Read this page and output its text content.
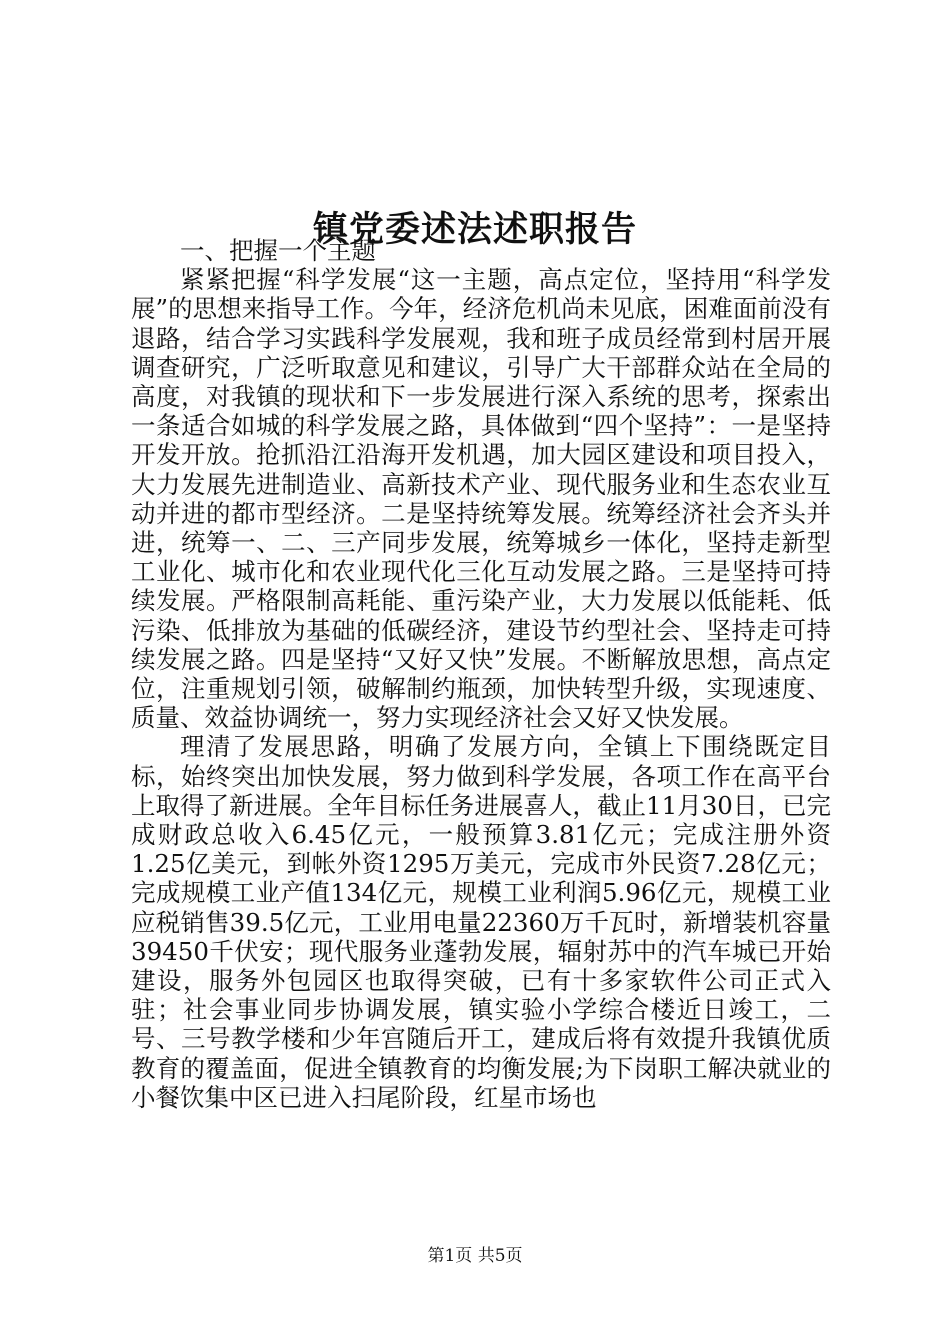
镇党委述法述职报告

一、把握一个主题

紧紧把握“科学发展“这一主题，高点定位，坚持用“科学发展”的思想来指导工作。今年，经济危机尚未见底，困难面前没有退路，结合学习实践科学发展观，我和班子成员经常到村居开展调查研究，广泛听取意见和建议，引导广大干部群众站在全局的高度，对我镇的现状和下一步发展进行深入系统的思考，探索出一条适合如城的科学发展之路，具体做到“四个坚持”：一是坚持开发开放。抢抓沿江沿海开发机遇，加大园区建设和项目投入，大力发展先进制造业、高新技术产业、现代服务业和生态农业互动并进的都市型经济。二是坚持统筹发展。统筹经济社会齐头并进，统筹一、二、三产同步发展，统筹城乡一体化，坚持走新型工业化、城市化和农业现代化三化互动发展之路。三是坚持可持续发展。严格限制高耗能、重污染产业，大力发展以低能耗、低污染、低排放为基础的低碳经济，建设节约型社会、坚持走可持续发展之路。四是坚持“又好又快”发展。不断解放思想，高点定位，注重规划引领，破解制约瓶颈，加快转型升级，实现速度、质量、效益协调统一，努力实现经济社会又好又快发展。

理清了发展思路，明确了发展方向，全镇上下围绕既定目标，始终突出加快发展，努力做到科学发展，各项工作在高平台上取得了新进展。全年目标任务进展喜人，截止11月30日，已完成财政总收入6.45亿元，一般预算3.81亿元；完成注册外资1.25亿美元，到帐外资1295万美元，完成市外民资7.28亿元；完成规模工业产值134亿元，规模工业利润5.96亿元，规模工业应税销售39.5亿元，工业用电量22360万千瓦时，新增装机容量39450千伏安；现代服务业蓬勃发展，辐射苏中的汽车城已开始建设，服务外包园区也取得突破，已有十多家软件公司正式入驻；社会事业同步协调发展，镇实验小学综合楼近日竣工，二号、三号教学楼和少年宫随后开工，建成后将有效提升我镇优质教育的覆盖面，促进全镇教育的均衡发展;为下岗职工解决就业的小餐饮集中区已进入扫尾阶段，红星市场也

第1页 共5页
